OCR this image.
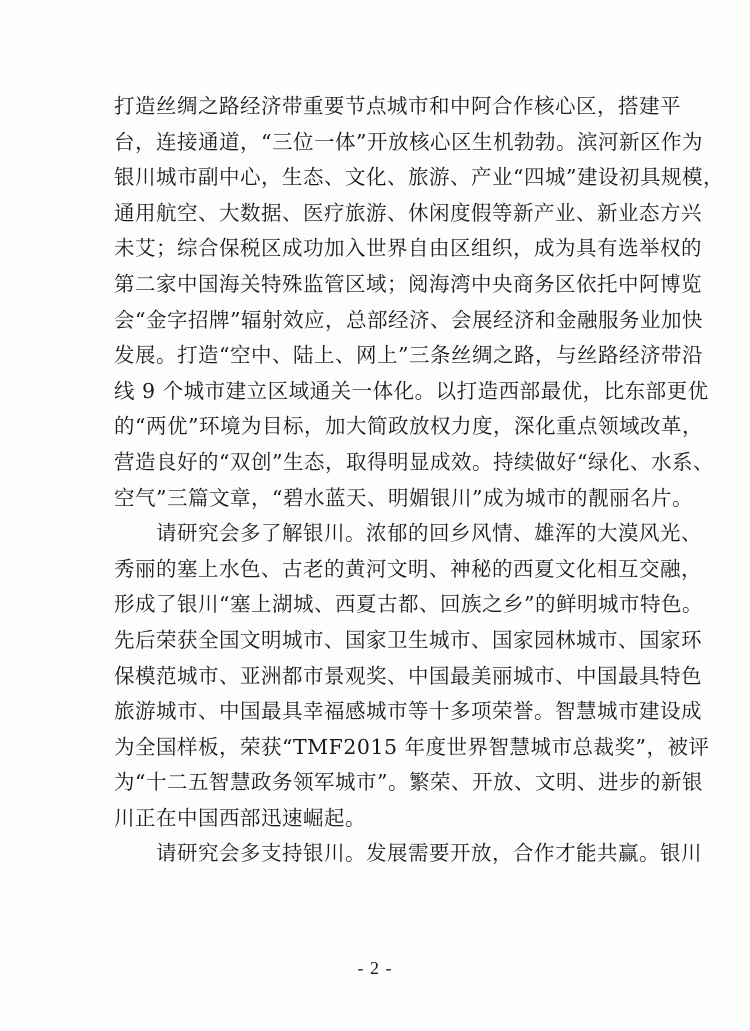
打造丝绸之路经济带重要节点城市和中阿合作核心区，搭建平
台，连接通道，“三位一体”开放核心区生机勃勃。滨河新区作为
银川城市副中心，生态、文化、旅游、产业“四城”建设初具规模，
通用航空、大数据、医疗旅游、休闲度假等新产业、新业态方兴
未艾；综合保税区成功加入世界自由区组织，成为具有选举权的
第二家中国海关特殊监管区域；阅海湾中央商务区依托中阿博览
会“金字招牌”辐射效应，总部经济、会展经济和金融服务业加快
发展。打造“空中、陆上、网上”三条丝绸之路，与丝路经济带沿
线 9 个城市建立区域通关一体化。以打造西部最优，比东部更优
的“两优”环境为目标，加大简政放权力度，深化重点领域改革，
营造良好的“双创”生态，取得明显成效。持续做好“绿化、水系、
空气”三篇文章，“碧水蓝天、明媚银川”成为城市的靓丽名片。
　　请研究会多了解银川。浓郁的回乡风情、雄浑的大漠风光、
秀丽的塞上水色、古老的黄河文明、神秘的西夏文化相互交融，
形成了银川“塞上湖城、西夏古都、回族之乡”的鲜明城市特色。
先后荣获全国文明城市、国家卫生城市、国家园林城市、国家环
保模范城市、亚洲都市景观奖、中国最美丽城市、中国最具特色
旅游城市、中国最具幸福感城市等十多项荣誉。智慧城市建设成
为全国样板，荣获“TMF2015 年度世界智慧城市总裁奖”，被评
为“十二五智慧政务领军城市”。繁荣、开放、文明、进步的新银
川正在中国西部迅速崛起。
　　请研究会多支持银川。发展需要开放，合作才能共赢。银川
- 2 -
